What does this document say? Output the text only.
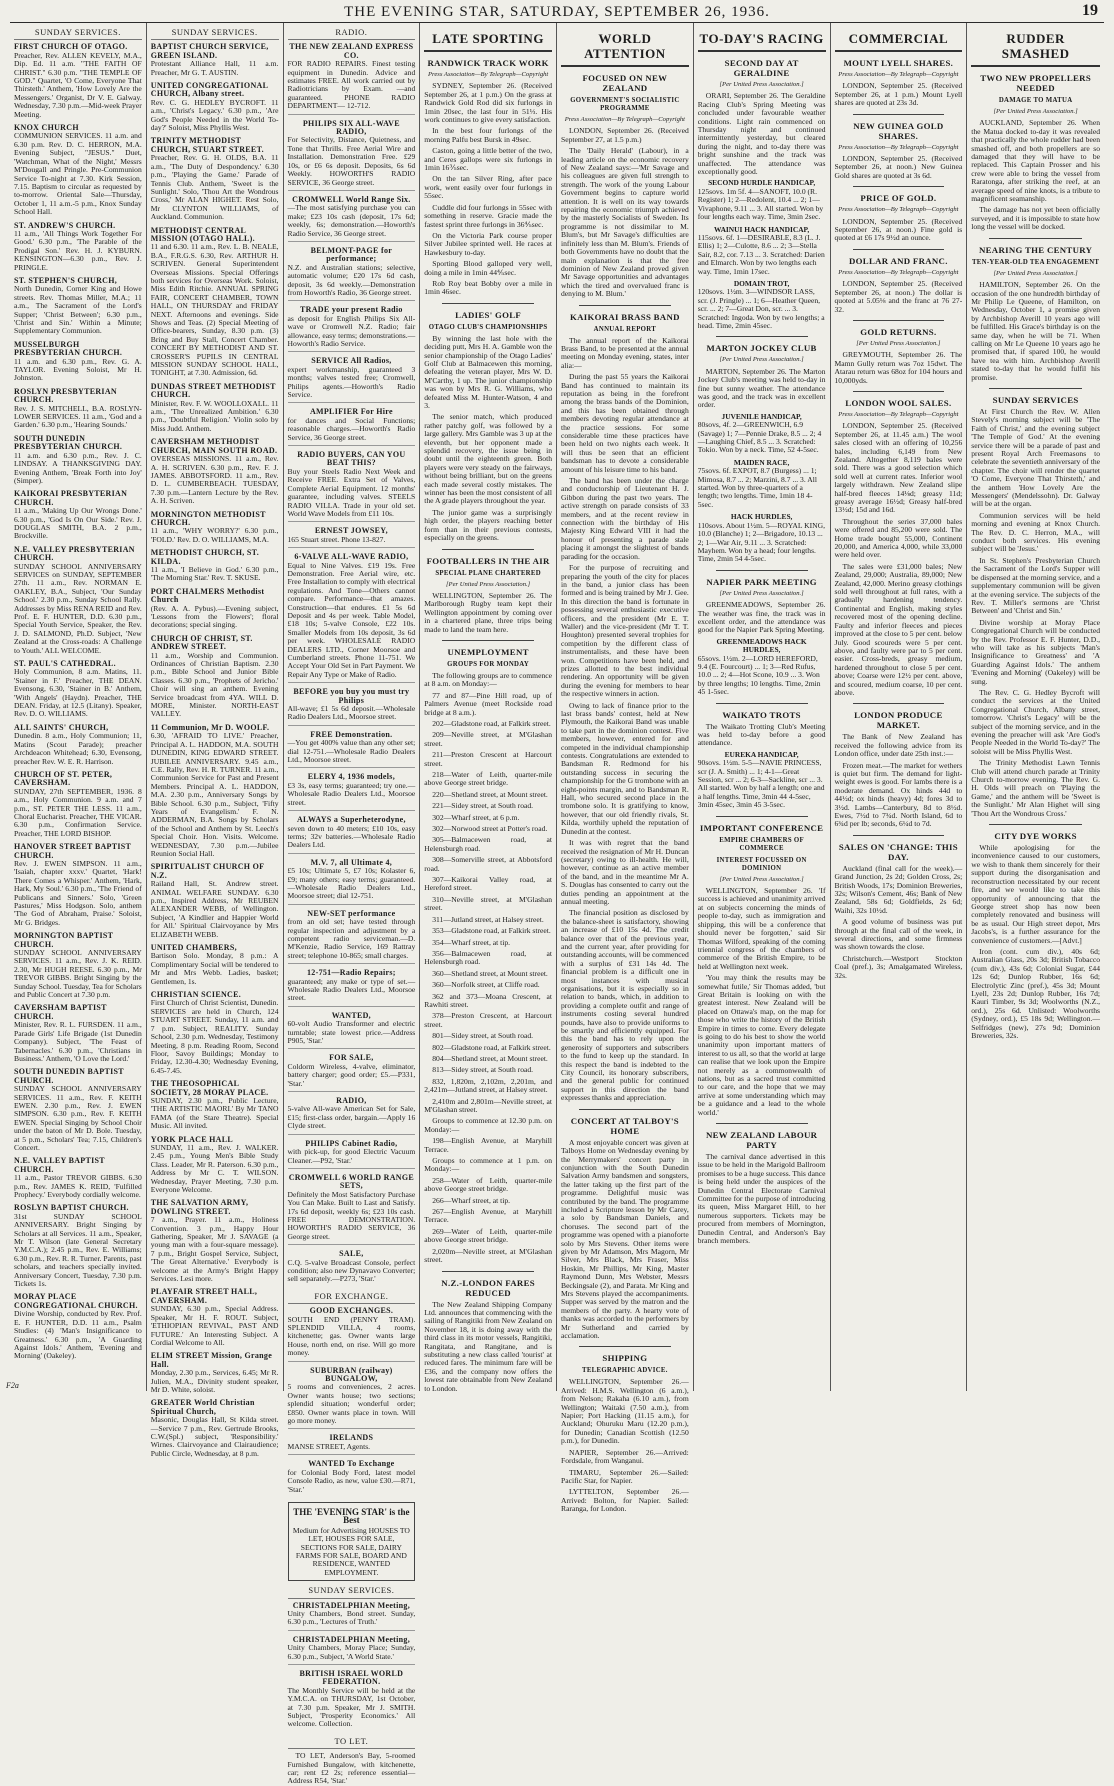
THE EVENING STAR, SATURDAY, SEPTEMBER 26, 1936.	19
SUNDAY SERVICES.
FIRST CHURCH OF OTAGO.
Preacher, Rev. ALLEN KEVELY, M.A., Dip. Ed. 11 a.m. "THE FAITH OF CHRIST." 6.30 p.m. "THE TEMPLE OF GOD." Quartet, 'O Come, Everyone That Thirsteth.' Anthem, 'How Lovely Are the Messengers.' Organist, Dr V. E. Galway. Wednesday, 7.30 p.m.—Mid-week Prayer Meeting.
KNOX CHURCH
COMMUNION SERVICES. 11 a.m. and 6.30 p.m. Rev. D. C. HERRON, M.A. Evening Subject, "JESUS." Duet, 'Watchman, What of the Night,' Messrs M'Dougall and Pringle. Pre-Communion Service To-night at 7.30. Kirk Session, 7.15. Baptism to circular as requested by to-morrow. Oriental Sale—Thursday, October 1, 11 a.m.-5 p.m., Knox Sunday School Hall.
ST. ANDREW'S CHURCH.
11 a.m., 'All Things Work Together For Good.' 6.30 p.m., 'The Parable of the Prodigal Son.' Rev. H. J. KYBURN. KENSINGTON—6.30 p.m., Rev. J. PRINGLE.
ST. STEPHEN'S CHURCH,
North Dunedin, Corner King and Howe streets. Rev. Thomas Miller, M.A.; 11 a.m., The Sacrament of the Lord's Supper; 'Christ Between'; 6.30 p.m., 'Christ and Sin.' Within a Minute; Supplementary Communion.
MUSSELBURGH PRESBYTERIAN CHURCH.
11 a.m. and 6.30 p.m., Rev. G. A. TAYLOR. Evening Soloist, Mr H. Johnston.
ROSLYN PRESBYTERIAN CHURCH.
Rev. J. S. MITCHELL, B.A. ROSLYN-LOWER SERVICES. 11 a.m., 'God and a Garden.' 6.30 p.m., 'Hearing Sounds.'
SOUTH DUNEDIN PRESBYTERIAN CHURCH.
11 a.m. and 6.30 p.m., Rev. J. C. LINDSAY. A THANKSGIVING DAY. Evening Anthem, 'Break Forth into Joy' (Simper).
KAIKORAI PRESBYTERIAN CHURCH.
11 a.m., 'Making Up Our Wrongs Done.' 6.30 p.m., 'God Is On Our Side.' Rev. J. DOUGLAS SMITH, B.A. 2 p.m., Brockville.
N.E. VALLEY PRESBYTERIAN CHURCH.
SUNDAY SCHOOL ANNIVERSARY SERVICES on SUNDAY, SEPTEMBER 27th. 11 a.m., Rev. NORMAN E. OAKLEY, B.A., Subject, 'Our Sunday School.' 2.30 p.m., Sunday School Rally. Addresses by Miss RENA REID and Rev. Prof. E. F. HUNTER, D.D. 6.30 p.m., Special Youth Service, Speaker, the Rev. J. D. SALMOND, Ph.D. Subject, 'New Zealand at the Cross-roads: A Challenge to Youth.' ALL WELCOME.
ST. PAUL'S CATHEDRAL.
Holy Communion, 8 a.m. Matins, 11. 'Stainer in F.' Preacher, THE DEAN. Evensong, 6.30, 'Stainer in B.' Anthem, 'With Angels' (Haydn). Preacher, THE DEAN. Friday, at 12.5 (Litany). Speaker, Rev. D. O. WILLIAMS.
ALL SAINTS' CHURCH,
Dunedin. 8 a.m., Holy Communion; 11, Matins (Scout Parade); preacher Archdeacon Whitehead; 6.30, Evensong, preacher Rev. W. E. R. Harrison.
CHURCH OF ST. PETER, CAVERSHAM.
SUNDAY, 27th SEPTEMBER, 1936. 8 a.m., Holy Communion. 9 a.m. and 7 p.m., ST. PETER THE LESS. 11 a.m., Choral Eucharist. Preacher, THE VICAR. 6.30 p.m., Confirmation Service. Preacher, THE LORD BISHOP.
HANOVER STREET BAPTIST CHURCH.
Rev. J. EWEN SIMPSON. 11 a.m., 'Isaiah, chapter xxxv.' Quartet, 'Hark! There Comes a Whisper.' Anthem, 'Hark, Hark, My Soul.' 6.30 p.m., 'The Friend of Publicans and Sinners.' Solo, 'Green Pastures,' Miss Hodgson. Solo, anthem 'The God of Abraham, Praise.' Soloist, Mr G. Bridges.
MORNINGTON BAPTIST CHURCH.
SUNDAY SCHOOL ANNIVERSARY SERVICES. 11 a.m., Rev. J. K. REID. 2.30, Mr HUGH REESE. 6.30 p.m., Mr TREVOR GIBBS. Bright Singing by the Sunday School. Tuesday, Tea for Scholars and Public Concert at 7.30 p.m.
CAVERSHAM BAPTIST CHURCH.
Minister, Rev. R. L. FURSDEN. 11 a.m., Parade Girls' Life Brigade (1st Dunedin Company). Subject, 'The Feast of Tabernacles.' 6.30 p.m., 'Christians in Business.' Anthem, 'O Love the Lord.'
SOUTH DUNEDIN BAPTIST CHURCH.
SUNDAY SCHOOL ANNIVERSARY SERVICES. 11 a.m., Rev. F. KEITH EWEN. 2.30 p.m., Rev. J. EWEN SIMPSON. 6.30 p.m., Rev. F. KEITH EWEN. Special Singing by School Choir under the baton of Mr D. Bole. Tuesday, at 5 p.m., Scholars' Tea; 7.15, Children's Concert.
N.E. VALLEY BAPTIST CHURCH.
11 a.m., Pastor TREVOR GIBBS. 6.30 p.m., Rev. JAMES K. REID, 'Fulfilled Prophecy.' Everybody cordially welcome.
ROSLYN BAPTIST CHURCH.
31st SUNDAY SCHOOL ANNIVERSARY. Bright Singing by Scholars at all Services. 11 a.m., Speaker, Mr T. Wilson (late General Secretary Y.M.C.A.); 2.45 p.m., Rev. E. Williams; 6.30 p.m., Rev. R. R. Turner. Parents, past scholars, and teachers specially invited. Anniversary Concert, Tuesday, 7.30 p.m. Tickets 1s.
MORAY PLACE CONGREGATIONAL CHURCH.
Divine Worship, conducted by Rev. Prof. E. F. HUNTER, D.D. 11 a.m., Psalm Studies: (4) 'Man's Insignificance to Greatness.' 6.30 p.m., 'A Guarding Against Idols.' Anthem, 'Evening and Morning' (Oakeley).
SUNDAY SERVICES.
BAPTIST CHURCH SERVICE, GREEN ISLAND.
Protestant Alliance Hall, 11 a.m. Preacher, Mr G. T. AUSTIN.
UNITED CONGREGATIONAL CHURCH, Albany street.
Rev. C. G. HEDLEY BYCROFT. 11 a.m., 'Christ's Legacy.' 6.30 p.m., 'Are God's People Needed in the World To-day?' Soloist, Miss Phyllis West.
TRINITY METHODIST CHURCH, STUART STREET.
Preacher, Rev. G. H. OLDS, B.A. 11 a.m., 'The Duty of Despondency.' 6.30 p.m., 'Playing the Game.' Parade of Tennis Club. Anthem, 'Sweet is the Sunlight.' Solo, 'Thou Art the Wondrous Cross,' Mr ALAN HIGHET. Rest Solo, Mr CLYNTON WILLIAMS, of Auckland. Communion.
METHODIST CENTRAL MISSION (OTAGO HALL).
11 and 6.30. 11 a.m., Rev. L. B. NEALE, B.A., F.R.G.S. 6.30, Rev. ARTHUR H. SCRIVEN. General Superintendent Overseas Missions. Special Offerings both services for Overseas Work. Soloist, Miss Edith Ritchie. ANNUAL SPRING FAIR, CONCERT CHAMBER, TOWN HALL, ON THURSDAY and FRIDAY NEXT. Afternoons and evenings. Side Shows and Teas. (2) Special Meeting of Office-bearers, Sunday, 8.30 p.m. (3) Bring and Buy Stall, Concert Chamber. CONCERT BY METHODIST AND ST. CROSSER'S PUPILS IN CENTRAL MISSION SUNDAY SCHOOL HALL, TONIGHT, at 7.30. Admission, 6d.
DUNDAS STREET METHODIST CHURCH.
Minister, Rev. F. W. WOOLLOXALL. 11 a.m., 'The Unrealized Ambition.' 6.30 p.m., 'Doubtful Religion.' Violin solo by Miss Judd. Anthem.
CAVERSHAM METHODIST CHURCH, MAIN SOUTH ROAD.
OVERSEAS MISSIONS. 11 a.m., Rev. A. H. SCRIVEN. 6.30 p.m., Rev. F. J. JAMES. ABBOTSFORD. 11 a.m., Rev. D. L. CUMBERBEACH. TUESDAY, 7.30 p.m.—Lantern Lecture by the Rev. A. H. Scriven.
MORNINGTON METHODIST CHURCH.
11 a.m., 'WHY WORRY?' 6.30 p.m., 'FOLD.' Rev. D. O. WILLIAMS, M.A.
METHODIST CHURCH, ST. KILDA.
11 a.m., 'I Believe in God.' 6.30 p.m., 'The Morning Star.' Rev. T. SKUSE.
PORT CHALMERS Methodist Church
(Rev. A. A. Pybus).—Evening subject, 'Lessons from the Flowers'; floral decorations; special singing.
CHURCH OF CHRIST, ST. ANDREW STREET.
11 a.m., Worship and Communion. Ordinances of Christian Baptism. 2.30 p.m., Bible School and Junior Bible Classes. 6.30 p.m., 'Prophets of Jericho.' Choir will sing an anthem. Evening Service broadcast from 4YA. WILL D. MORE, Minister. NORTH-EAST VALLEY.
11 Communion, Mr D. WOOLF.
6.30, 'AFRAID TO LIVE.' Preacher, Principal A. L. HADDON, M.A. SOUTH DUNEDIN, KING EDWARD STREET. JUBILEE ANNIVERSARY. 9.45 a.m., C.E. Rally, Rev. H. R. TURNER. 11 a.m., Communion Service for Past and Present Members. Principal A. L. HADDON, M.A. 2.30 p.m., Anniversary Songs by Bible School. 6.30 p.m., Subject, 'Fifty Years of Evangelism.' F. N. ADDERMAN, B.A. Songs by Scholars of the School and Anthem by St. Leech's Special Choir. Hon. Visits. Welcome. WEDNESDAY, 7.30 p.m.—Jubilee Reunion Social Hall.
SPIRITUALIST CHURCH OF N.Z.
Railand Hall, St. Andrew street. ANIMAL WELFARE SUNDAY. 6.30 p.m., Inspired Address, Mr REUBEN ALEXANDER WEBB, of Wellington. Subject, 'A Kindlier and Happier World for All.' Spiritual Clairvoyance by Mrs ELIZABETH WEBB.
UNITED CHAMBERS,
Bartison Solo. Monday, 8 p.m.: A Complimentary Social will be tendered to Mr and Mrs Webb. Ladies, basket; Gentlemen, 1s.
CHRISTIAN SCIENCE.
First Church of Christ Scientist, Dunedin. SERVICES are held in Church, 124 STUART STREET. Sunday, 11 a.m. and 7 p.m. Subject, REALITY. Sunday School, 2.30 p.m. Wednesday, Testimony Meeting, 8 p.m. Reading Room, Second Floor, Savoy Buildings; Monday to Friday, 12.30-4.30; Wednesday Evening, 6.45-7.45.
THE THEOSOPHICAL SOCIETY, 28 MORAY PLACE.
SUNDAY, 2.30 p.m., Public Lecture, 'THE ARTISTIC MAORI.' By Mr TANO FAMA (of the Stare Theatre). Special Music. All invited.
YORK PLACE HALL
SUNDAY, 11 a.m., Rev. J. WALKER. 2.45 p.m., Young Men's Bible Study Class. Leader, Mr R. Paterson. 6.30 p.m., Address by Mr C. T. WILSON. Wednesday, Prayer Meeting, 7.30 p.m. Everyone Welcome.
THE SALVATION ARMY, DOWLING STREET.
7 a.m., Prayer. 11 a.m., Holiness Convention. 3 p.m., Happy Hour Gathering, Speaker, Mr J. SAVAGE (a young man with a four-square message). 7 p.m., Bright Gospel Service, Subject, 'The Great Alternative.' Everybody is welcome at the Army's Bright Happy Services. Lesi more.
PLAYFAIR STREET HALL, CAVERSHAM.
SUNDAY, 6.30 p.m., Special Address. Speaker, Mr H. F. ROUT. Subject, 'ETHIOPIAN REVIVAL, PAST AND FUTURE.' An Interesting Subject. A Cordial Welcome to All.
ELIM STREET Mission, Grange Hall.
Monday, 2.30 p.m., Services, 6.45; Mr R. Julien, M.A., Divinity student speaker, Mr D. White, soloist.
GREATER World Christian Spiritual Church,
Masonic, Douglas Hall, St Kilda street. —Service 7 p.m., Rev. Gertrude Brooks, C.W.(Spl.) subject, 'Responsibility.' Wirnes. Clairvoyance and Clairaudience; Public Circle, Wednesday, at 8 p.m.
RADIO.
THE NEW ZEALAND EXPRESS CO.
FOR RADIO REPAIRS. Finest testing equipment in Dunedin. Advice and estimates FREE. All work carried out by Radiotricians by Exam. —and guaranteed. PHONE RADIO DEPARTMENT— 12-712.
PHILIPS SIX ALL-WAVE RADIO,
For Selectivity, Distance, Quietness, and Tone that Thrills. Free Aerial Wire and Installation. Demonstration Free. £29 10s, or £6 6s deposit. Deposits, 6s 6d Weekly. HOWORTH'S RADIO SERVICE, 36 George street.
CROMWELL World Range Six.
—The most satisfying purchase you can make; £23 10s cash (deposit, 17s 6d; weekly, 6s; demonstration.—Howorth's Radio Service, 36 George street.
BELMONT-PAGE for performance;
N.Z. and Australian stations; selective, automatic volume; £20 17s 6d cash, deposit, 3s 6d weekly.—Demonstration from Howorth's Radio, 36 George street.
TRADE your present Radio
as deposit for English Philips Six All-wave or Cromwell N.Z. Radio; fair allowance, easy terms; demonstrations.—Howorth's Radio Service.
SERVICE All Radios,
expert workmanship, guaranteed 3 months; valves tested free; Cromwell, Philips agents.—Howorth's Radio Service.
AMPLIFIER For Hire
for dances and Social Functions; reasonable charges.—Howorth's Radio Service, 36 George street.
RADIO BUYERS, CAN YOU BEAT THIS?
Buy your Steels Radio Next Week and Receive FREE. Extra Set of Valves, Complete Aerial Equipment. 12 months' guarantee, including valves. STEELS RADIO VILLA. Trade in your old set. World Wave Models from £11 10s.
ERNEST JOWSEY,
165 Stuart street. Phone 13-827.
6-VALVE ALL-WAVE RADIO,
Equal to Nine Valves. £19 19s. Free Demonstration. Free Aerial wire, etc. Free Installation to comply with electrical regulations. And Tone—Others cannot compare. Performance—that amazes. Construction—that endures. £1 5s 6d Deposit and 4s per week. Table Model, £18 10s; 5-valve Console, £22 10s. Smaller Models from 10s deposit, 3s 6d per week. WHOLESALE RADIO DEALERS LTD., Corner Moorsoe and Cumberland streets. Phone 11-751. We Accept Your Old Set in Part Payment. We Repair Any Type or Make of Radio.
BEFORE you buy you must try Philips
All-wave; £1 5s 6d deposit.—Wholesale Radio Dealers Ltd., Moorsoe street.
FREE Demonstration.
—You get 400% value than any other set; dial 12-751.—Wholesale Radio Dealers Ltd., Moorsoe street.
ELERY 4, 1936 models,
£3 3s, easy terms; guaranteed; try one.—Wholesale Radio Dealers Ltd., Moorsoe street.
ALWAYS a Superheterodyne,
seven down to 40 meters; £10 10s, easy terms; 32v batteries.—Wholesale Radio Dealers Ltd.
M.V. 7, all Ultimate 4,
£5 10s; Ultimate 5, £7 10s; Kolaster 6, £9; many others; easy terms; guaranteed.—Wholesale Radio Dealers Ltd., Moorsoe street; dial 12-751.
NEW-SET performance
from an old set; have tested through regular inspection and adjustment by a competent radio serviceman.—D. M'Kenzie, Radio Service, 169 Rattray street; telephone 10-865; small charges.
12-751—Radio Repairs;
guaranteed; any make or type of set.—Wholesale Radio Dealers Ltd., Moorsoe street.
WANTED,
60-volt Audio Transformer and electric turntable; state lowest price.—Address P905, 'Star.'
FOR SALE,
Coldorm Wireless, 4-valve, eliminator, battery charger; good order; £5.—P331, 'Star.'
RADIO,
5-valve All-wave American Set for Sale, £15; first-class order, bargain.—Apply 16 Clyde street.
PHILIPS Cabinet Radio,
with pick-up, for good Electric Vacuum Cleaner.—P92, 'Star.'
CROMWELL 6 WORLD RANGE SETS,
Definitely the Most Satisfactory Purchase You Can Make. Built to Last and Satisfy. 17s 6d deposit, weekly 6s; £23 10s cash. FREE DEMONSTRATION. HOWORTH'S RADIO SERVICE, 36 George street.
SALE,
C.Q. 5-valve Broadcast Console, perfect condition; also new Dynavavo Converter; sell separately.—P273, 'Star.'
FOR EXCHANGE.
GOOD EXCHANGES.
SOUTH END (PENNY TRAM). SPLENDID VILLA, 4 rooms, kitchenette; gas. Owner wants large House, north end, on rise. Will go more money.
SUBURBAN (railway) BUNGALOW,
5 rooms and conveniences, 2 acres. Owner wants house; two sections; splendid situation; wonderful order; £850. Owner wants place in town. Will go more money.
IRELANDS
MANSE STREET, Agents.
WANTED To Exchange
for Colonial Body Ford, latest model Console Radio, as new, value £30.—R71, 'Star.'
THE 'EVENING STAR' is the Best
Medium for Advertising HOUSES TO LET, HOUSES FOR SALE, SECTIONS FOR SALE, DAIRY FARMS FOR SALE, BOARD AND RESIDENCE, WANTED EMPLOYMENT.
SUNDAY SERVICES.
CHRISTADELPHIAN Meeting,
Unity Chambers, Bond street. Sunday, 6.30 p.m., 'Lectures of Truth.'
CHRISTADELPHIAN Meeting,
Unity Chambers, Moray Place; Sunday, 6.30 p.m., Subject, 'A World State.'
BRITISH ISRAEL WORLD FEDERATION.
The Monthly Service will be held at the Y.M.C.A. on THURSDAY, 1st October, at 7.30 p.m. Speaker, Mr J. SMITH. Subject, 'Prosperity Economics.' All welcome. Collection.
TO LET.

TO LET, Anderson's Bay, 5-roomed Furnished Bungalow, with kitchenette, car; rent £2 2s; reference essential—Address R54, 'Star.'

LATE SPORTING
RANDWICK TRACK WORK
Press Association—By Telegraph—Copyright

SYDNEY, September 26. (Received September 26, at 1 p.m.) On the grass at Randwick Gold Rod did six furlongs in 1min 20sec, the last four in 51⅓. His work continues to give every satisfaction.

In the best four furlongs of the morning Palfu best Bursk in 49sec.

Caston, going a little better of the two, and Ceres gallops were six furlongs in 1min 16⅗sec.

On the tan Silver Ring, after pace work, went easily over four furlongs in 55sec.

Cuddle did four furlongs in 55sec with something in reserve. Gracie made the fastest sprint three furlongs in 36⅘sec.

On the Victoria Park course proper Silver Jubilee sprinted well. He races at Hawkesbury to-day.

Sporting Blood galloped very well, doing a mile in 1min 44⅘sec.

Rob Roy beat Bobby over a mile in 1min 46sec.

LADIES' GOLF
OTAGO CLUB'S CHAMPIONSHIPS

By winning the last hole with the deciding putt, Mrs H. A. Gamble won the senior championship of the Otago Ladies' Golf Club at Balmacewen this morning, defeating the veteran player, Mrs W. D. M'Carthy, 1 up. The junior championship was won by Mrs R. G. Williams, who defeated Miss M. Hunter-Watson, 4 and 3.

The senior match, which produced rather patchy golf, was followed by a large gallery. Mrs Gamble was 3 up at the eleventh, but her opponent made a splendid recovery, the issue being in doubt until the eighteenth green. Both players were very steady on the fairways, without being brilliant, but on the greens each made several costly mistakes. The winner has been the most consistent of all the A grade players throughout the year.

The junior game was a surprisingly high order, the players reaching better form than in their previous contests, especially on the greens.

FOOTBALLERS IN THE AIR
SPECIAL PLANE CHARTERED
[Per United Press Association.]

WELLINGTON, September 26. The Marlborough Rugby team kept their Wellington appointment by coming over in a chartered plane, three trips being made to land the team here.

UNEMPLOYMENT
GROUPS FOR MONDAY

The following groups are to commence at 8 a.m. on Monday:—

77 and 87—Pine Hill road, up of Palmers Avenue (meet Rockside road bridge at 8 a.m.).

202—Gladstone road, at Falkirk street.

209—Neville street, at M'Glashan street.

211—Preston Crescent at Harcourt street.

218—Water of Leith, quarter-mile above George street bridge.

220—Shetland street, at Mount street.

221—Sidey street, at South road.

302—Wharf street, at 6 p.m.

302—Norwood street at Potter's road.

305—Balmacewen road, at Helensburgh road.

308—Somerville street, at Abbotsford road.

307—Kaikorai Valley road, at Hereford street.

310—Neville street, at M'Glashan street.

311—Jutland street, at Halsey street.

353—Gladstone road, at Falkirk street.

354—Wharf street, at tip.

356—Balmacewen road, at Helensburgh road.

360—Shetland street, at Mount street.

360—Norfolk street, at Cliffe road.

362 and 373—Moana Crescent, at Rawhiti street.

378—Preston Crescent, at Harcourt street.

801—Sidey street, at South road.

802—Gladstone road, at Falkirk street.

804—Shetland street, at Mount street.

813—Sidey street, at South road.

832, 1,820m, 2,102m, 2,201m, and 2,421m—Jutland street, at Halsey street.

2,410m and 2,801m—Neville street, at M'Glashan street.

Groups to commence at 12.30 p.m. on Monday:—

198—English Avenue, at Maryhill Terrace.

Groups to commence at 1 p.m. on Monday:—

258—Water of Leith, quarter-mile above George street bridge.

266—Wharf street, at tip.

267—English Avenue, at Maryhill Terrace.

269—Water of Leith, quarter-mile above George street bridge.

2,020m—Neville street, at M'Glashan street.

N.Z.-LONDON FARES REDUCED

The New Zealand Shipping Company Ltd. announces that commencing with the sailing of Rangitiki from New Zealand on November 18, it is doing away with the third class in its motor vessels, Rangitiki, Rangitata, and Rangitane, and is substituting a new class called 'tourist' at reduced fares. The minimum fare will be £36, and the company now offers the lowest rate obtainable from New Zealand to London.

WORLD ATTENTION
FOCUSED ON NEW ZEALAND
GOVERNMENT'S SOCIALISTIC PROGRAMME
Press Association—By Telegraph—Copyright

LONDON, September 26. (Received September 27, at 1.5 p.m.)

The 'Daily Herald' (Labour), in a leading article on the economic recovery of New Zealand says:—'Mr Savage and his colleagues are given full strength to strength. The work of the young Labour Government begins to capture world attention. It is well on its way towards repairing the economic triumph achieved by the masterly Socialists of Sweden. Its programme is not dissimilar to M. Blum's, but Mr Savage's difficulties are infinitely less than M. Blum's. Friends of both Governments have no doubt that the main explanation is that the free dominion of New Zealand proved given Mr Savage opportunities and advantages which the tired and overvalued franc is denying to M. Blum.'

KAIKORAI BRASS BAND
ANNUAL REPORT

The annual report of the Kaikorai Brass Band, to be presented at the annual meeting on Monday evening, states, inter alia:—

During the past 55 years the Kaikorai Band has continued to maintain its reputation as being in the forefront among the brass bands of the Dominion, and this has been obtained through members devoting regular attendance at the practice sessions. For some considerable time these practices have been held on two nights each week. It will thus be seen that an efficient bandsman has to devote a considerable amount of his leisure time to his band.

The band has been under the charge and conductorship of Lieutenant H. J. Gibbon during the past two years. The active strength on parade consists of 33 members, and at the recent review in connection with the birthday of His Majesty King Edward VIII it had the honour of presenting a parade stale placing it amongst the slightest of bands parading for the occasion.

For the purpose of recruiting and preparing the youth of the city for places in the band, a junior class has been formed and is being trained by Mr J. Gee. In this direction the band is fortunate in possessing several enthusiastic executive officers, and the president (Mr E. T. Waller) and the vice-president (Mr T. T. Houghton) presented several trophies for competition by the different class of instrumentalists, and these have been won. Competitions have been held, and prizes allotted to the best individual rendering. An opportunity will be given during the evening for members to hear the respective winners in action.

Owing to lack of finance prior to the last brass bands' contest, held at New Plymouth, the Kaikorai Band was unable to take part in the dominion contest. Five members, however, entered for and competed in the individual championship contests. Congratulations are extended to Bandsman R. Redmond for his outstanding success in securing the championship for the G trombone with an eight-points margin, and to Bandsman R. Hall, who secured second place in the trombone solo. It is gratifying to know, however, that our old friendly rivals, St. Kilda, worthily upheld the reputation of Dunedin at the contest.

It was with regret that the band received the resignation of Mr H. Duncan (secretary) owing to ill-health. He will, however, continue as an active member of the band, and in the meantime Mr A. S. Douglas has consented to carry out the duties pending an appointment at the annual meeting.

The financial position as disclosed by the balance-sheet is satisfactory, showing an increase of £10 15s 4d. The credit balance over that of the previous year, and the current year, after providing for outstanding accounts, will be commenced with a surplus of £31 14s 4d. The financial problem is a difficult one in most instances with musical organisations, but it is especially so in relation to bands, which, in addition to providing a complete outfit and range of instruments costing several hundred pounds, have also to provide uniforms to be smartly and efficiently equipped. For this the band has to rely upon the generosity of supporters and subscribers to the fund to keep up the standard. In this respect the band is indebted to the City Council, its honorary subscribers, and the general public for continued support in this direction the band expresses thanks and appreciation.

CONCERT AT TALBOY'S HOME

A most enjoyable concert was given at Talboys Home on Wednesday evening by the Merrymakers' concert party in conjunction with the South Dunedin Salvation Army bandsmen and songsters, the latter taking up the first part of the programme. Delightful music was contributed by the band. The programme included a Scripture lesson by Mr Carey, a solo by Bandsman Daniels, and choruses. The second part of the programme was opened with a pianoforte solo by Mrs Stevens. Other items were given by Mr Adamson, Mrs Magorn, Mr Silver, Mrs Black, Mrs Fraser, Miss Hoskin, Mr Phillips, Mr King, Master Raymond Dunn, Mrs Webster, Messrs Beckingsale (2), and Parata. Mr King and Mrs Stevens played the accompaniments. Supper was served by the matron and the members of the party. A hearty vote of thanks was accorded to the performers by Mr Sutherland and carried by acclamation.

SHIPPING
TELEGRAPHIC ADVICE.

WELLINGTON, September 26.—Arrived: H.M.S. Wellington (6 a.m.), from Nelson; Rakaha (6.10 a.m.), from Wellington; Waitaki (7.50 a.m.), from Napier; Port Hacking (11.15 a.m.), for Auckland; Ohuruku Maru (12.20 p.m.), for Dunedin; Canadian Scottish (12.50 p.m.), for Dunedin.

NAPIER, September 26.—Arrived: Fordsdale, from Wanganui.

TIMARU, September 26.—Sailed: Pacific Star, for Napier.

LYTTELTON, September 26.—Arrived: Bolton, for Napier. Sailed: Raranga, for London.

TO-DAY'S RACING
SECOND DAY AT GERALDINE
[Per United Press Association.]

ORARI, September 26. The Geraldine Racing Club's Spring Meeting was concluded under favourable weather conditions. Light rain commenced on Thursday night and continued intermittently yesterday, but cleared during the night, and to-day there was bright sunshine and the track was unaffected. The attendance was exceptionally good.

SECOND HURDLE HANDICAP,
125sovs. 1m 5f. 4—SANOFT, 10.0 (R. Register) 1; 2—Redolent, 10.4 ... 2; 1—Vivaphone, 9.11 ... 3. All started. Won by four lengths each way. Time, 3min 2sec.
WAINUI HACK HANDICAP,
115sovs. 6f. 1—DESIRABLE, 8.3 (L. J. Ellis) 1; 2—Culotte, 8.6 ... 2; 3—Stella Sair, 8.2, cor. 7.13 ... 3. Scratched: Darien and Elmarch. Won by two lengths each way. Time, 1min 17sec.
DOMAIN TROT,
120sovs. 1½m. 3—WINDSOR LASS, scr. (J. Pringle) ... 1; 6—Heather Queen, scr. ... 2; 7—Great Don, scr. ... 3. Scratched: Ingoda. Won by two lengths; a head. Time, 2min 45sec.
MARTON JOCKEY CLUB
[Per United Press Association.]

MARTON, September 26. The Marton Jockey Club's meeting was held to-day in fine but sunny weather. The attendance was good, and the track was in excellent order.

JUVENILE HANDICAP,
80sovs, 4f. 2—GREENWICH, 6.9 (Savage) 1; 7—Pennie Drake, 8.5 ... 2; 4—Laughing Chief, 8.5 ... 3. Scratched: Tokio. Won by a neck. Time, 52 4-5sec.
MAIDEN RACE,
75sovs. 6f. EXPOT, 8.7 (Burgess) ... 1; Mimosa, 8.7 ... 2; Marzini, 8.7 ... 3. All started. Won by three-quarters of a length; two lengths. Time, 1min 18 4-5sec.
HACK HURDLES,
110sovs. About 1½m. 5—ROYAL KING, 10.0 (Blanche) 1; 2—Brigadore, 10.13 ... 2; 1—War Air, 9.11 ... 3. Scratched: Mayhem. Won by a head; four lengths. Time, 2min 54 4-5sec.
NAPIER PARK MEETING
[Per United Press Association.]

GREENMEADOWS, September 26. The weather was fine, the track was in excellent order, and the attendance was good for the Napier Park Spring Meeting.

GREENMEADOWS HACK HURDLES,
65sovs. 1½m. 2—LORD HEREFORD, 9.4 (E. Fourcourt) ... 1; 3—Red Rufus, 10.0 ... 2; 4—Hot Scone, 10.9 ... 3. Won by three lengths; 10 lengths. Time, 2min 45 1-5sec.
WAIKATO TROTS

The Waikato Trotting Club's Meeting was held to-day before a good attendance.

EUREKA HANDICAP,
90sovs. 1½m. 5-5—NAVIE PRINCESS, scr (J. A. Smith) ... 1; 4-1—Great Session, scr ... 2; 6-3—Sackline, scr ... 3. All started. Won by half a length; one and a half lengths. Time, 3min 44 4-5sec, 3min 45sec, 3min 45 3-5sec.
IMPORTANT CONFERENCE
EMPIRE CHAMBERS OF COMMERCE
INTEREST FOCUSSED ON DOMINION
[Per United Press Association.]

WELLINGTON, September 26. 'If success is achieved and unanimity arrived at on subjects concerning the minds of people to-day, such as immigration and shipping, this will be a conference that should never be forgotten,' said Sir Thomas Wilford, speaking of the coming triennial congress of the chambers of commerce of the British Empire, to be held at Wellington next week.

'You may think the results may be somewhat futile,' Sir Thomas added, 'but Great Britain is looking on with the greatest interest. New Zealand will be placed on Ottawa's map, on the map for those who write the history of the British Empire in times to come. Every delegate is going to do his best to show the world unanimity upon important matters of interest to us all, so that the world at large can realise that we look upon the Empire not merely as a commonwealth of nations, but as a sacred trust committed to our care, and the hope that we may arrive at some understanding which may be a guidance and a lead to the whole world.'

NEW ZEALAND LABOUR PARTY

The carnival dance advertised in this issue to be held in the Marigold Ballroom promises to be a huge success. This dance is being held under the auspices of the Dunedin Central Electorate Carnival Committee for the purpose of introducing its queen, Miss Margaret Hill, to her numerous supporters. Tickets may be procured from members of Mornington, Dunedin Central, and Anderson's Bay branch members.

COMMERCIAL
MOUNT LYELL SHARES.
Press Association—By Telegraph—Copyright

LONDON, September 25. (Received September 26, at 1 p.m.) Mount Lyell shares are quoted at 23s 3d.

NEW GUINEA GOLD SHARES.
Press Association—By Telegraph—Copyright

LONDON, September 25. (Received September 26, at noon.) New Guinea Gold shares are quoted at 3s 6d.

PRICE OF GOLD.
Press Association—By Telegraph—Copyright

LONDON, September 25. (Received September 26, at noon.) Fine gold is quoted at £6 17s 9½d an ounce.

DOLLAR AND FRANC.
Press Association—By Telegraph—Copyright

LONDON, September 25. (Received September 26, at noon.) The dollar is quoted at 5.05⅛ and the franc at 76 27-32.

GOLD RETURNS.
[Per United Press Association.]

GREYMOUTH, September 26. The Mamn Gully return was 7oz 15dwt. The Atarau return was 68oz for 104 hours and 10,000yds.

LONDON WOOL SALES.
Press Association—By Telegraph—Copyright

LONDON, September 25. (Received September 26, at 11.45 a.m.) The wool sales closed with an offering of 10,256 bales, including 6,149 from New Zealand. Altogether 8,119 bales were sold. There was a good selection which sold well at current rates. Inferior wool largely withdrawn. New Zealand slipe half-bred fleeces 14⅛d; greasy 11d; greasy average 16½d; Greasy half-bred 13½d; 15d and 16d.

Throughout the series 37,000 bales were offered and 85,200 were sold. The Home trade bought 55,000, Continent 20,000, and America 4,000, while 33,000 were held over.

The sales were £31,000 bales; New Zealand, 29,000; Australia, 89,000; New Zealand, 42,000. Merino greasy clothings sold well throughout at full rates, with a gradually hardening tendency. Continental and English, making styles recovered most of the opening decline. Faulty and inferior fleeces and pieces improved at the close to 5 per cent. below July. Good scoureds were 5 per cent. above, and faulty were par to 5 per cent. easier. Cross-breds, greasy medium, hardened throughout to close 5 per cent. above; Coarse were 12½ per cent. above, and scoured, medium coarse, 10 per cent. above.

LONDON PRODUCE MARKET.

The Bank of New Zealand has received the following advice from its London office, under date 25th inst.:—

Frozen meat.—The market for wethers is quiet but firm. The demand for light-weight ewes is good. For lambs there is a moderate demand. Ox hinds 44d to 44½d; ox hinds (heavy) 4d; fores 3d to 3½d. Lambs—Canterbury, 8d to 8½d. Ewes, 7½d to 7¾d. North Island, 6d to 6¾d per lb; seconds, 6¼d to 7d.

SALES ON 'CHANGE: THIS DAY.

Auckland (final call for the week).—Grand Junction, 2s 2d; Golden Cross, 2s; British Woods, 17s; Dominion Breweries, 32s; Wilson's Cement, 46s; Bank of New Zealand, 58s 6d; Goldfields, 2s 6d; Waihi, 32s 10½d.

A good volume of business was put through at the final call of the week, in several directions, and some firmness was shown towards the close.

Christchurch.—Westport Stockton Coal (pref.), 3s; Amalgamated Wireless, 32s.

RUDDER SMASHED
TWO NEW PROPELLERS NEEDED
DAMAGE TO MATUA
[Per United Press Association.]

AUCKLAND, September 26. When the Matua docked to-day it was revealed that practically the whole rudder had been smashed off, and both propellers are so damaged that they will have to be replaced. This Captain Prosser and his crew were able to bring the vessel from Raratonga, after striking the reef, at an average speed of nine knots, is a tribute to magnificent seamanship.

The damage has not yet been officially surveyed, and it is impossible to state how long the vessel will be docked.

NEARING THE CENTURY
TEN-YEAR-OLD TEA ENGAGEMENT
[Per United Press Association.]

HAMILTON, September 26. On the occasion of the one hundredth birthday of Mr Philip Le Queene, of Hamilton, on Wednesday, October 1, a promise given by Archbishop Averill 10 years ago will be fulfilled. His Grace's birthday is on the same day, when he will be 71. When calling on Mr Le Queene 10 years ago he promised that, if spared 100, he would have tea with him. Archbishop Averill stated to-day that he would fulfil his promise.

SUNDAY SERVICES

At First Church the Rev. W. Allen Stevely's morning subject will be 'The Faith of Christ,' and the evening subject 'The Temple of God.' At the evening service there will be a parade of past and present Royal Arch Freemasons to celebrate the seventieth anniversary of the chapter. The choir will render the quartet 'O Come, Everyone That Thirsteth,' and the anthem 'How Lovely Are the Messengers' (Mendelssohn). Dr. Galway will be at the organ.

Communion services will be held morning and evening at Knox Church. The Rev. D. C. Herron, M.A., will conduct both services. His evening subject will be 'Jesus.'

In St. Stephen's Presbyterian Church the Sacrament of the Lord's Supper will be dispensed at the morning service, and a supplementary communion will be given at the evening service. The subjects of the Rev. T. Miller's sermons are 'Christ Between' and 'Christ and Sin.'

Divine worship at Moray Place Congregational Church will be conducted by the Rev. Professor E. F. Hunter, D.D., who will take as his subjects 'Man's Insignificance to Greatness' and 'A Guarding Against Idols.' The anthem 'Evening and Morning' (Oakeley) will be sung.

The Rev. C. G. Hedley Bycroft will conduct the services at the United Congregational Church, Albany street, tomorrow. 'Christ's Legacy' will be the subject of the morning service, and in the evening the preacher will ask 'Are God's People Needed in the World To-day?' The soloist will be Miss Phyllis West.

The Trinity Methodist Lawn Tennis Club will attend church parade at Trinity Church to-morrow evening. The Rev. G. H. Olds will preach on 'Playing the Game,' and the anthem will be 'Sweet is the Sunlight.' Mr Alan Highet will sing 'Thou Art the Wondrous Cross.'

CITY DYE WORKS

While apologising for the inconvenience caused to our customers, we wish to thank them sincerely for their support during the disorganisation and reconstruction necessitated by our recent fire, and we would like to take this opportunity of announcing that the George street shop has now been completely renovated and business will be as usual. Our High street depot, Mrs Jacobs's, is a further assurance for the convenience of customers.—[Advt.]

Iron (cont. cum div.), 40s 6d; Australian Glass, 20s 3d; British Tobacco (cum div.), 43s 6d; Colonial Sugar, £44 12s 6d; Dunlop Rubber, 16s 6d; Electrolytic Zinc (pref.), 45s 3d; Mount Lyell, 23s 2d; Dunlop Rubber, 16s 7d; Kauri Timber, 9s 3d; Woolworths (N.Z., ord.), 25s 6d. Unlisted: Woolworths (Sydney, ord.), £5 18s 9d; Wellington.—Selfridges (new), 27s 9d; Dominion Breweries, 32s.

F2a
